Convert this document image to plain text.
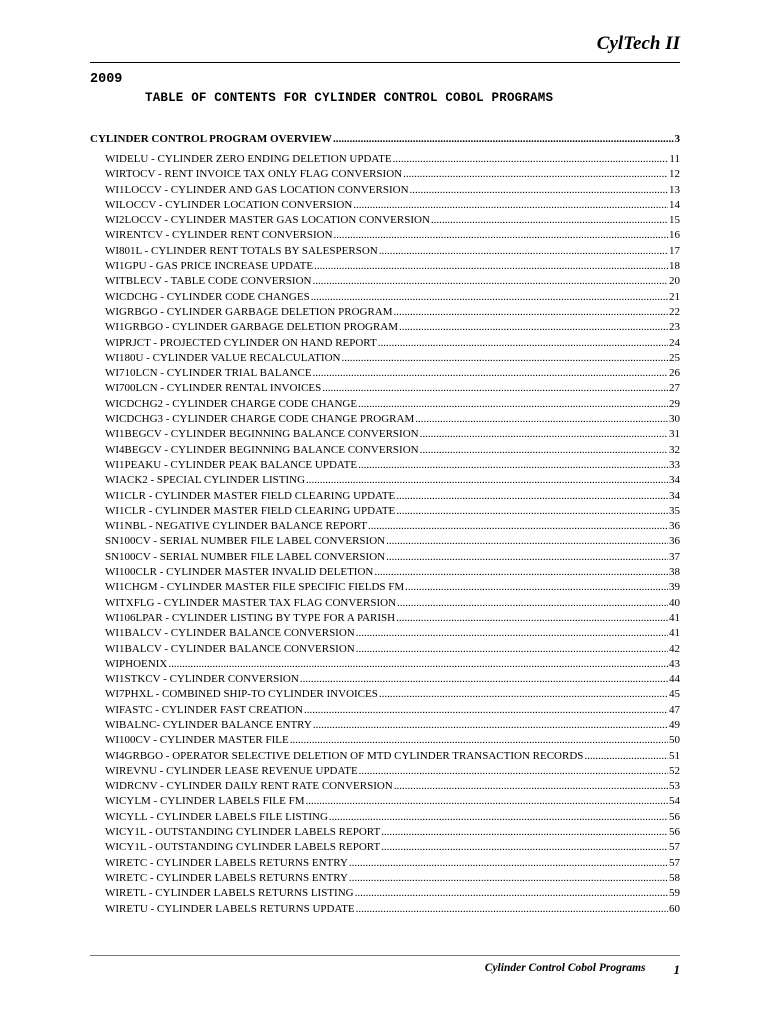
CylTech II
2009
TABLE OF CONTENTS FOR CYLINDER CONTROL COBOL PROGRAMS
CYLINDER CONTROL PROGRAM OVERVIEW .....	3
WIDELU - CYLINDER ZERO ENDING DELETION UPDATE .....	11
WIRTOCV - RENT INVOICE TAX ONLY FLAG CONVERSION .....	12
WI1LOCCV - CYLINDER AND GAS LOCATION CONVERSION .....	13
WILOCCV - CYLINDER LOCATION CONVERSION .....	14
WI2LOCCV - CYLINDER MASTER GAS LOCATION CONVERSION .....	15
WIRENTCV - CYLINDER RENT CONVERSION .....	16
WI801L - CYLINDER RENT TOTALS BY SALESPERSON .....	17
WI1GPU - GAS PRICE INCREASE UPDATE .....	18
WITBLECV - TABLE CODE CONVERSION .....	20
WICDCHG - CYLINDER CODE CHANGES .....	21
WIGRBGO - CYLINDER GARBAGE DELETION PROGRAM .....	22
WI1GRBGO - CYLINDER GARBAGE DELETION PROGRAM .....	23
WIPRJCT - PROJECTED CYLINDER ON HAND REPORT .....	24
WI180U - CYLINDER VALUE RECALCULATION .....	25
WI710LCN - CYLINDER TRIAL BALANCE .....	26
WI700LCN - CYLINDER RENTAL INVOICES .....	27
WICDCHG2 - CYLINDER CHARGE CODE CHANGE .....	29
WICDCHG3 - CYLINDER CHARGE CODE CHANGE PROGRAM .....	30
WI1BEGCV - CYLINDER BEGINNING BALANCE CONVERSION .....	31
WI4BEGCV - CYLINDER BEGINNING BALANCE CONVERSION .....	32
WI1PEAKU - CYLINDER PEAK BALANCE UPDATE .....	33
WIACK2 - SPECIAL CYLINDER LISTING .....	34
WI1CLR - CYLINDER MASTER FIELD CLEARING UPDATE .....	34
WI1CLR - CYLINDER MASTER FIELD CLEARING UPDATE .....	35
WI1NBL - NEGATIVE CYLINDER BALANCE REPORT .....	36
SN100CV - SERIAL NUMBER FILE LABEL CONVERSION .....	36
SN100CV - SERIAL NUMBER FILE LABEL CONVERSION .....	37
WI100CLR - CYLINDER MASTER INVALID DELETION .....	38
WI1CHGM - CYLINDER MASTER FILE SPECIFIC FIELDS FM .....	39
WITXFLG - CYLINDER MASTER TAX FLAG CONVERSION .....	40
WI106LPAR - CYLINDER LISTING BY TYPE FOR A PARISH .....	41
WI1BALCV - CYLINDER BALANCE CONVERSION .....	41
WI1BALCV - CYLINDER BALANCE CONVERSION .....	42
WIPHOENIX .....	43
WI1STKCV - CYLINDER CONVERSION .....	44
WI7PHXL - COMBINED SHIP-TO CYLINDER INVOICES .....	45
WIFASTC - CYLINDER FAST CREATION .....	47
WIBALNC- CYLINDER BALANCE ENTRY .....	49
WI100CV - CYLINDER MASTER FILE .....	50
WI4GRBGO - OPERATOR SELECTIVE DELETION OF MTD CYLINDER TRANSACTION RECORDS .....	51
WIREVNU - CYLINDER LEASE REVENUE UPDATE .....	52
WIDRCNV - CYLINDER DAILY RENT RATE CONVERSION .....	53
WICYLM - CYLINDER LABELS FILE FM .....	54
WICYLL - CYLINDER LABELS FILE LISTING .....	56
WICY1L - OUTSTANDING CYLINDER LABELS REPORT .....	56
WICY1L - OUTSTANDING CYLINDER LABELS REPORT .....	57
WIRETC - CYLINDER LABELS RETURNS ENTRY .....	57
WIRETC - CYLINDER LABELS RETURNS ENTRY .....	58
WIRETL - CYLINDER LABELS RETURNS LISTING .....	59
WIRETU - CYLINDER LABELS RETURNS UPDATE .....	60
Cylinder Control Cobol Programs 1
